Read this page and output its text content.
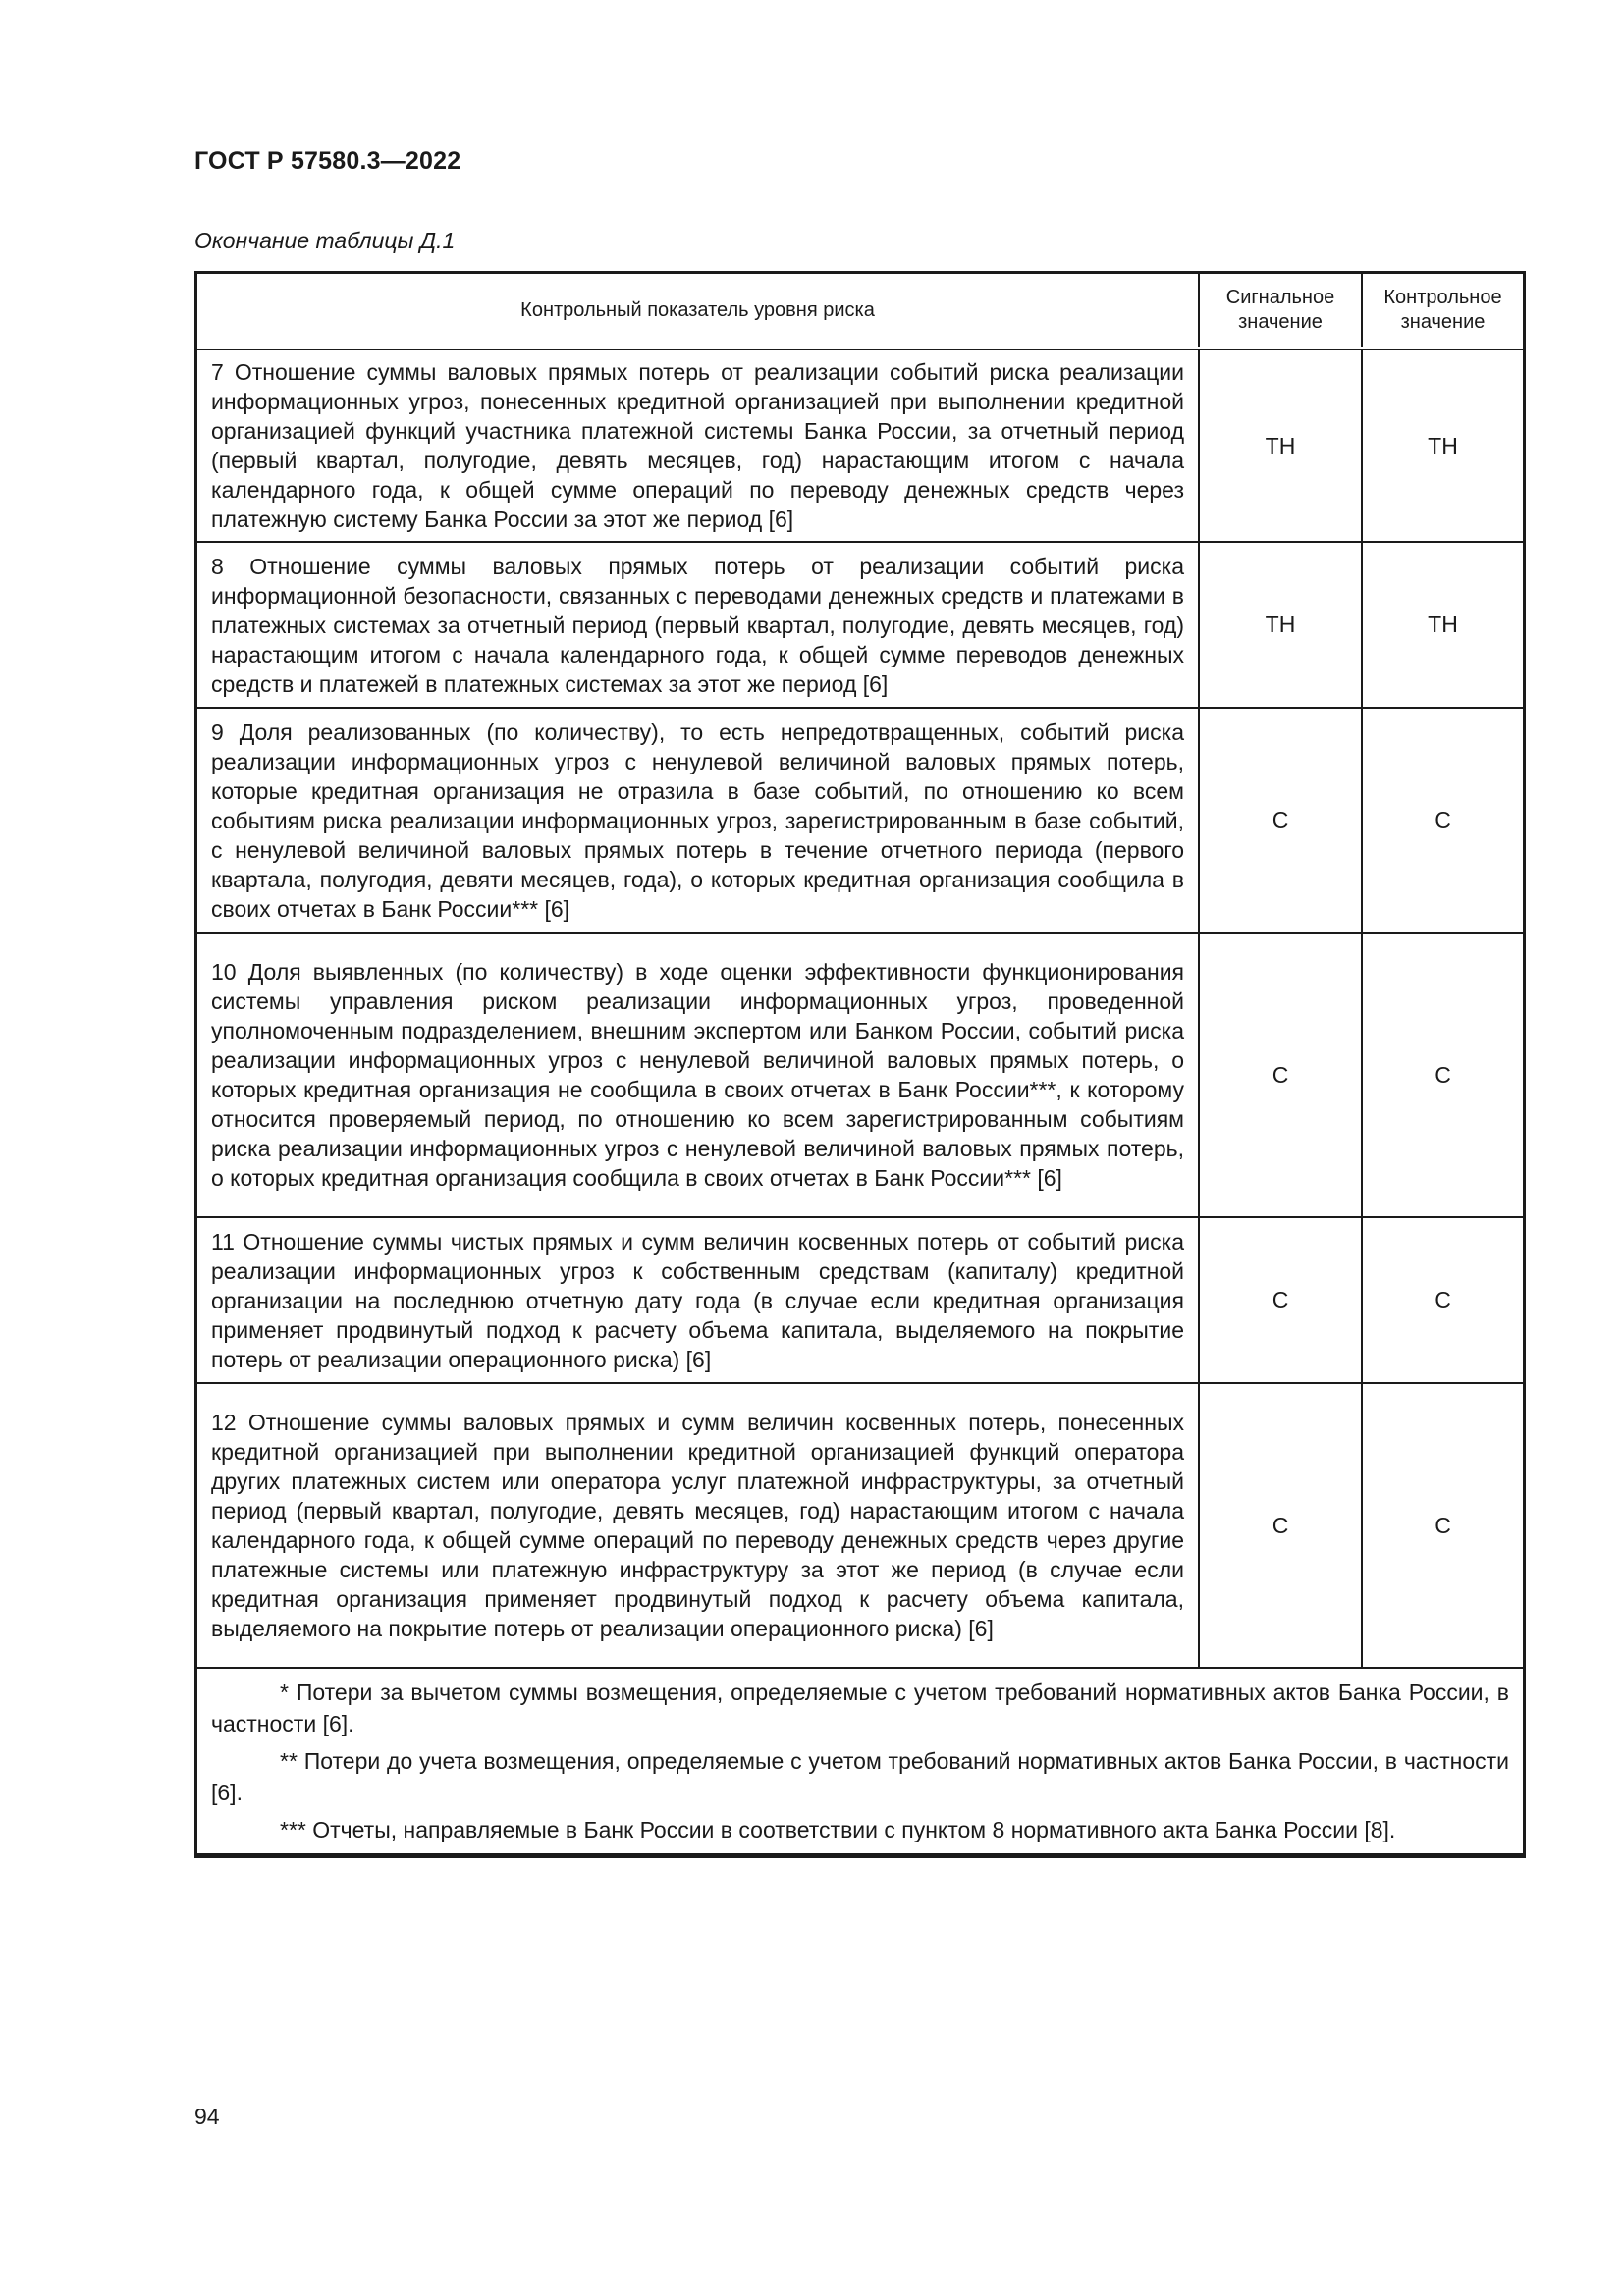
ГОСТ Р 57580.3—2022
Окончание таблицы Д.1
Контрольный показатель уровня риска	Сигнальное значение	Контрольное значение
7 Отношение суммы валовых прямых потерь от реализации событий риска реализации информационных угроз, понесенных кредитной организацией при выполнении кредитной организацией функций участника платежной системы Банка России, за отчетный период (первый квартал, полугодие, девять месяцев, год) нарастающим итогом с начала календарного года, к общей сумме операций по переводу денежных средств через платежную систему Банка России за этот же период [6]	ТН	ТН
8 Отношение суммы валовых прямых потерь от реализации событий риска информационной безопасности, связанных с переводами денежных средств и платежами в платежных системах за отчетный период (первый квартал, полугодие, девять месяцев, год) нарастающим итогом с начала календарного года, к общей сумме переводов денежных средств и платежей в платежных системах за этот же период [6]	ТН	ТН
9 Доля реализованных (по количеству), то есть непредотвращенных, событий риска реализации информационных угроз с ненулевой величиной валовых прямых потерь, которые кредитная организация не отразила в базе событий, по отношению ко всем событиям риска реализации информационных угроз, зарегистрированным в базе событий, с ненулевой величиной валовых прямых потерь в течение отчетного периода (первого квартала, полугодия, девяти месяцев, года), о которых кредитная организация сообщила в своих отчетах в Банк России*** [6]	С	С
10 Доля выявленных (по количеству) в ходе оценки эффективности функционирования системы управления риском реализации информационных угроз, проведенной уполномоченным подразделением, внешним экспертом или Банком России, событий риска реализации информационных угроз с ненулевой величиной валовых прямых потерь, о которых кредитная организация не сообщила в своих отчетах в Банк России***, к которому относится проверяемый период, по отношению ко всем зарегистрированным событиям риска реализации информационных угроз с ненулевой величиной валовых прямых потерь, о которых кредитная организация сообщила в своих отчетах в Банк России*** [6]	С	С
11 Отношение суммы чистых прямых и сумм величин косвенных потерь от событий риска реализации информационных угроз к собственным средствам (капиталу) кредитной организации на последнюю отчетную дату года (в случае если кредитная организация применяет продвинутый подход к расчету объема капитала, выделяемого на покрытие потерь от реализации операционного риска) [6]	С	С
12 Отношение суммы валовых прямых и сумм величин косвенных потерь, понесенных кредитной организацией при выполнении кредитной организацией функций оператора других платежных систем или оператора услуг платежной инфраструктуры, за отчетный период (первый квартал, полугодие, девять месяцев, год) нарастающим итогом с начала календарного года, к общей сумме операций по переводу денежных средств через другие платежные системы или платежную инфраструктуру за этот же период (в случае если кредитная организация применяет продвинутый подход к расчету объема капитала, выделяемого на покрытие потерь от реализации операционного риска) [6]	С	С

* Потери за вычетом суммы возмещения, определяемые с учетом требований нормативных актов Банка России, в частности [6].

** Потери до учета возмещения, определяемые с учетом требований нормативных актов Банка России, в частности [6].

*** Отчеты, направляемые в Банк России в соответствии с пунктом 8 нормативного акта Банка России [8].		

94
